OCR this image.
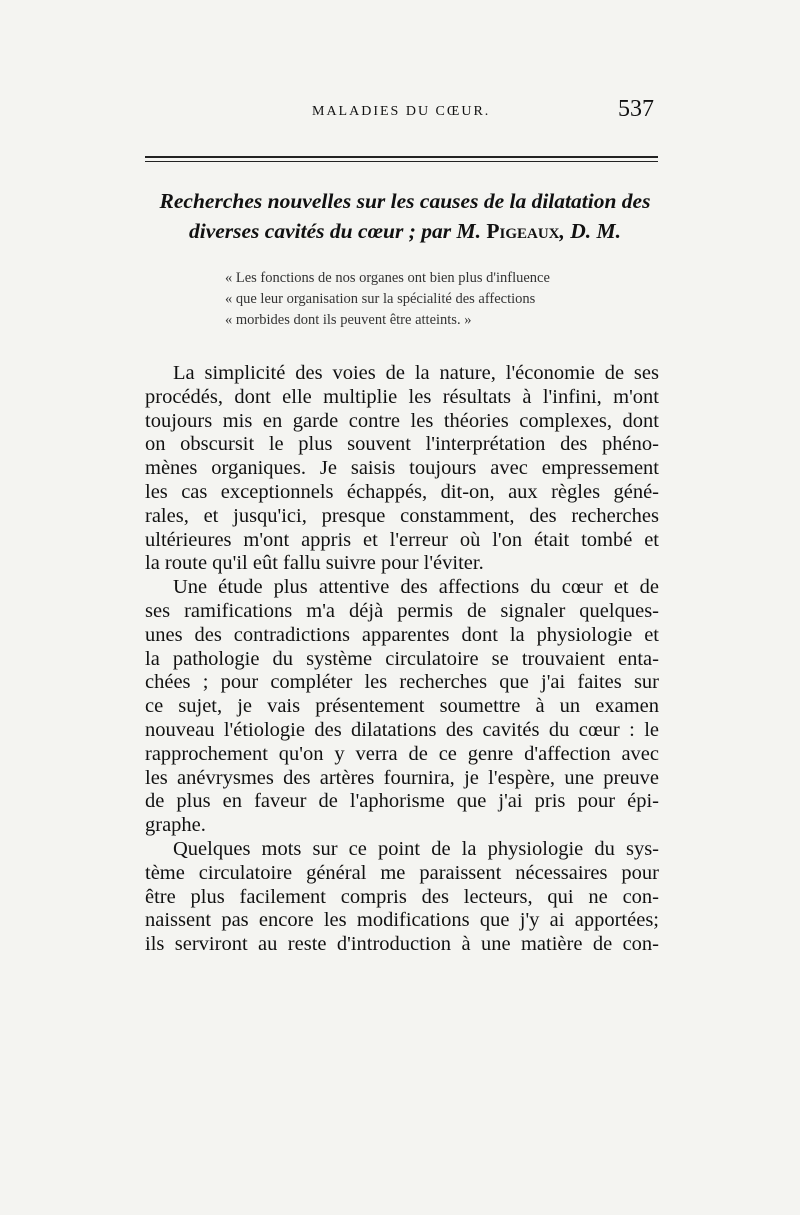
MALADIES DU CŒUR.	537
Recherches nouvelles sur les causes de la dilatation des
diverses cavités du cœur ; par M. Pigeaux, D. M.
« Les fonctions de nos organes ont bien plus d'influence
« que leur organisation sur la spécialité des affections
« morbides dont ils peuvent être atteints. »
La simplicité des voies de la nature, l'économie de ses
procédés, dont elle multiplie les résultats à l'infini, m'ont
toujours mis en garde contre les théories complexes, dont
on obscursit le plus souvent l'interprétation des phéno-
mènes organiques. Je saisis toujours avec empressement
les cas exceptionnels échappés, dit-on, aux règles géné-
rales, et jusqu'ici, presque constamment, des recherches
ultérieures m'ont appris et l'erreur où l'on était tombé et
la route qu'il eût fallu suivre pour l'éviter.
Une étude plus attentive des affections du cœur et de
ses ramifications m'a déjà permis de signaler quelques-
unes des contradictions apparentes dont la physiologie et
la pathologie du système circulatoire se trouvaient enta-
chées ; pour compléter les recherches que j'ai faites sur
ce sujet, je vais présentement soumettre à un examen
nouveau l'étiologie des dilatations des cavités du cœur : le
rapprochement qu'on y verra de ce genre d'affection avec
les anévrysmes des artères fournira, je l'espère, une preuve
de plus en faveur de l'aphorisme que j'ai pris pour épi-
graphe.
Quelques mots sur ce point de la physiologie du sys-
tème circulatoire général me paraissent nécessaires pour
être plus facilement compris des lecteurs, qui ne con-
naissent pas encore les modifications que j'y ai apportées;
ils serviront au reste d'introduction à une matière de con-
